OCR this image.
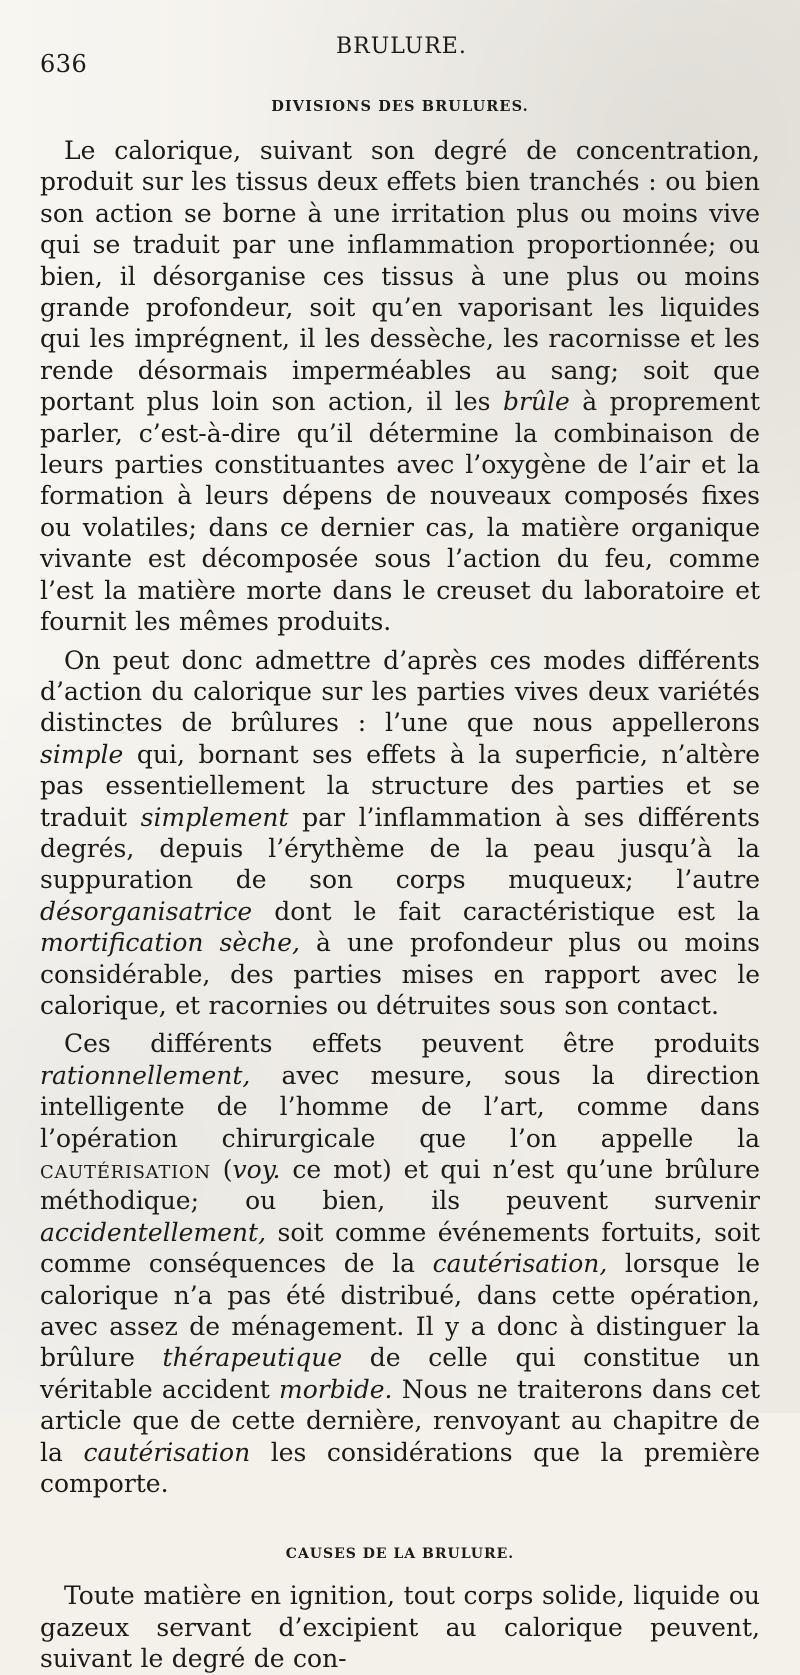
636
BRULURE.
DIVISIONS DES BRULURES.

Le calorique, suivant son degré de concentration, produit sur les tissus deux effets bien tranchés : ou bien son action se borne à une irritation plus ou moins vive qui se traduit par une inflammation proportionnée; ou bien, il désorganise ces tissus à une plus ou moins grande profondeur, soit qu’en vaporisant les liquides qui les imprégnent, il les dessèche, les racornisse et les rende désormais imperméables au sang; soit que portant plus loin son action, il les brûle à proprement parler, c’est-à-dire qu’il détermine la combinaison de leurs parties constituantes avec l’oxygène de l’air et la formation à leurs dépens de nouveaux composés fixes ou volatiles; dans ce dernier cas, la matière organique vivante est décomposée sous l’action du feu, comme l’est la matière morte dans le creuset du laboratoire et fournit les mêmes produits.

On peut donc admettre d’après ces modes différents d’action du calorique sur les parties vives deux variétés distinctes de brûlures : l’une que nous appellerons simple qui, bornant ses effets à la superficie, n’altère pas essentiellement la structure des parties et se traduit simplement par l’inflammation à ses différents degrés, depuis l’érythème de la peau jusqu’à la suppuration de son corps muqueux; l’autre désorganisatrice dont le fait caractéristique est la mortification sèche, à une profondeur plus ou moins considérable, des parties mises en rapport avec le calorique, et racornies ou détruites sous son contact.

Ces différents effets peuvent être produits rationnellement, avec mesure, sous la direction intelligente de l’homme de l’art, comme dans l’opération chirurgicale que l’on appelle la cautérisation (voy. ce mot) et qui n’est qu’une brûlure méthodique; ou bien, ils peuvent survenir accidentellement, soit comme événements fortuits, soit comme conséquences de la cautérisation, lorsque le calorique n’a pas été distribué, dans cette opération, avec assez de ménagement. Il y a donc à distinguer la brûlure thérapeutique de celle qui constitue un véritable accident morbide. Nous ne traiterons dans cet article que de cette dernière, renvoyant au chapitre de la cautérisation les considérations que la première comporte.

CAUSES DE LA BRULURE.

Toute matière en ignition, tout corps solide, liquide ou gazeux servant d’excipient au calorique peuvent, suivant le degré de con-
